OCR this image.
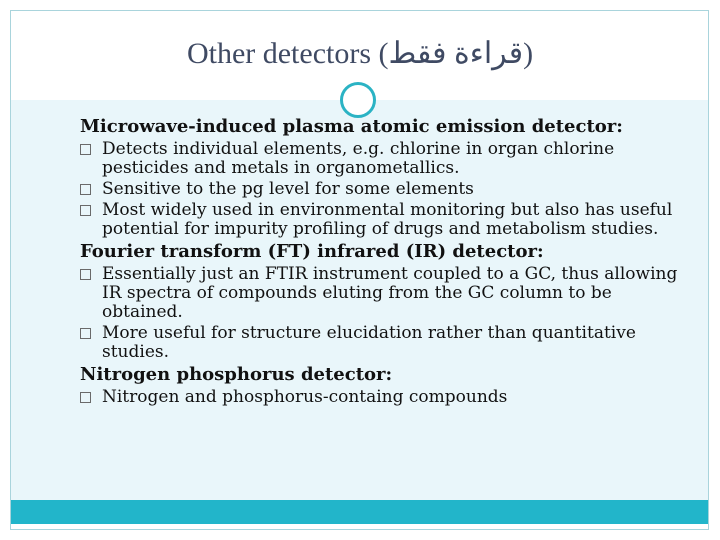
Other detectors (قراءة فقط)

Microwave-induced plasma atomic emission detector:

Detects individual elements, e.g. chlorine in organ chlorine pesticides and metals in organometallics.

Sensitive to the pg level for some elements

Most widely used in environmental monitoring but also has useful potential for impurity profiling of drugs and metabolism studies.

Fourier transform (FT) infrared (IR) detector:

Essentially just an FTIR instrument coupled to a GC, thus allowing IR spectra of compounds eluting from the GC column to be obtained.

More useful for structure elucidation rather than quantitative studies.

Nitrogen phosphorus detector:

Nitrogen and phosphorus-containg compounds
